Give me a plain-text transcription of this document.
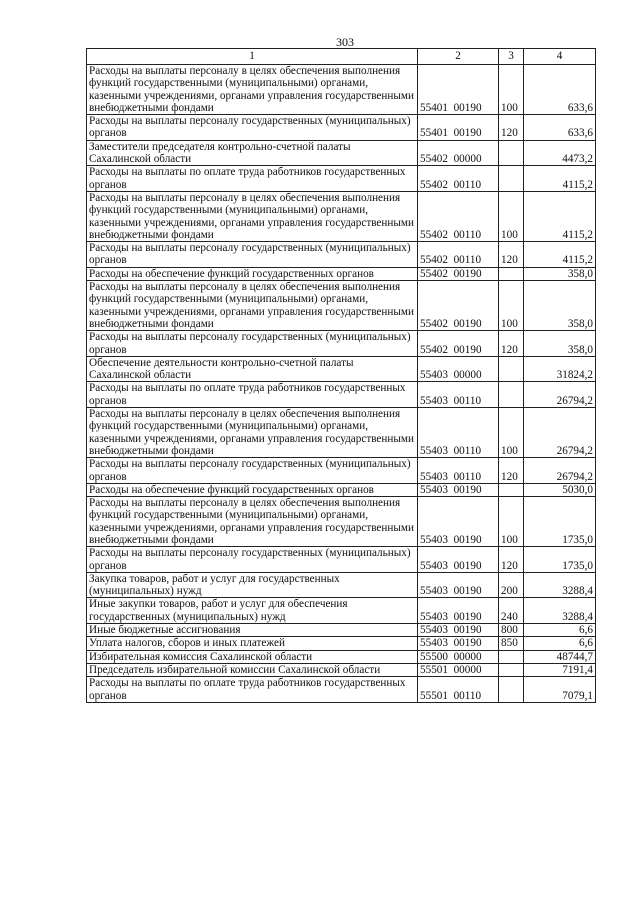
303
1	2	3	4
Расходы на выплаты персоналу в целях обеспечения выполнения функций государственными (муниципальными) органами, казенными учреждениями, органами управления государственными внебюджетными фондами	55401  00190	100	633,6
Расходы на выплаты персоналу государственных (муниципальных) органов	55401  00190	120	633,6
Заместители председателя контрольно-счетной палаты Сахалинской области	55402  00000		4473,2
Расходы на выплаты по оплате труда работников государственных органов	55402  00110		4115,2
Расходы на выплаты персоналу в целях обеспечения выполнения функций государственными (муниципальными) органами, казенными учреждениями, органами управления государственными внебюджетными фондами	55402  00110	100	4115,2
Расходы на выплаты персоналу государственных (муниципальных) органов	55402  00110	120	4115,2
Расходы на обеспечение функций государственных органов	55402  00190		358,0
Расходы на выплаты персоналу в целях обеспечения выполнения функций государственными (муниципальными) органами, казенными учреждениями, органами управления государственными внебюджетными фондами	55402  00190	100	358,0
Расходы на выплаты персоналу государственных (муниципальных) органов	55402  00190	120	358,0
Обеспечение деятельности контрольно-счетной палаты Сахалинской области	55403  00000		31824,2
Расходы на выплаты по оплате труда работников государственных органов	55403  00110		26794,2
Расходы на выплаты персоналу в целях обеспечения выполнения функций государственными (муниципальными) органами, казенными учреждениями, органами управления государственными внебюджетными фондами	55403  00110	100	26794,2
Расходы на выплаты персоналу государственных (муниципальных) органов	55403  00110	120	26794,2
Расходы на обеспечение функций государственных органов	55403  00190		5030,0
Расходы на выплаты персоналу в целях обеспечения выполнения функций государственными (муниципальными) органами, казенными учреждениями, органами управления государственными внебюджетными фондами	55403  00190	100	1735,0
Расходы на выплаты персоналу государственных (муниципальных) органов	55403  00190	120	1735,0
Закупка товаров, работ и услуг для государственных (муниципальных) нужд	55403  00190	200	3288,4
Иные закупки товаров, работ и услуг для обеспечения государственных (муниципальных) нужд	55403  00190	240	3288,4
Иные бюджетные ассигнования	55403  00190	800	6,6
Уплата налогов, сборов и иных платежей	55403  00190	850	6,6
Избирательная комиссия Сахалинской области	55500  00000		48744,7
Председатель избирательной комиссии Сахалинской области	55501  00000		7191,4
Расходы на выплаты по оплате труда работников государственных органов	55501  00110		7079,1
